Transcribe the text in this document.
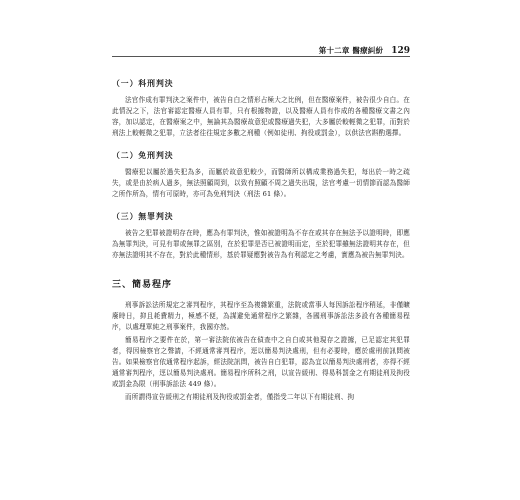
第十二章 醫療糾紛 129
（一）科刑判決

法官作成有罪判決之案件中，被告自白之情形占極大之比例，但在醫療案件，被告很少自白。在此情況之下，法官審認定醫療人員有罪，只有根據物證，以及醫療人員有作成的各種醫療文書之內容，加以認定，在醫療案之中，無論其為醫療故意犯或醫療過失犯，大多屬於較輕微之犯罪，而對於刑法上較輕微之犯罪，立法者往往規定多數之刑種（例如徒刑、拘役或罰金），以供法官斟酌選擇。

（二）免刑判決

醫療犯以屬於過失犯為多，而屬於故意犯較少，而醫師所以構成業務過失犯，每出於一時之疏失，或是由於病人過多，無法照顧周到，以致有照顧不周之過失出現，法官考慮一切情節而認為醫師之所作所為，情有可原時，亦可為免刑判決（刑法 61 條）。

（三）無罪判決

被告之犯罪被證明存在時，應為有罪判決，惟如被證明為不存在或其存在無法予以證明時，即應為無罪判決，可見有罪或無罪之區別，在於犯罪是否已被證明而定，至於犯罪雖無法證明其存在，但亦無法證明其不存在，對於此種情形，基於罪疑應對被告為有利認定之考慮，實應為被告無罪判決。

三、簡易程序

刑事訴訟法所規定之審判程序，其程序至為複雜繁重，法院或當事人每因訴訟程序稍延，非僅曠廢時日，抑且耗費精力，極感不便，為謀避免通常程序之繁雜，各國刑事訴訟法多設有各種簡易程序，以處理單純之刑事案件，我國亦然。

簡易程序之要件在於，第一審法院依被告在偵查中之自白或其他現存之證據，已足認定其犯罪者，得因檢察官之聲請，不經通常審判程序，逕以簡易判決處刑，但有必要時，應於處刑前訊問被告。如果檢察官依通常程序起訴，經法院訊問，被告自白犯罪，認為宜以簡易判決處刑者，亦得不經通常審判程序，逕以簡易判決處刑。簡易程序所科之刑，以宣告緩刑、得易科罰金之有期徒刑及拘役或罰金為限（刑事訴訟法 449 條）。

而所謂得宣告緩刑之有期徒刑及拘役或罰金者，僅指受二年以下有期徒刑、拘
